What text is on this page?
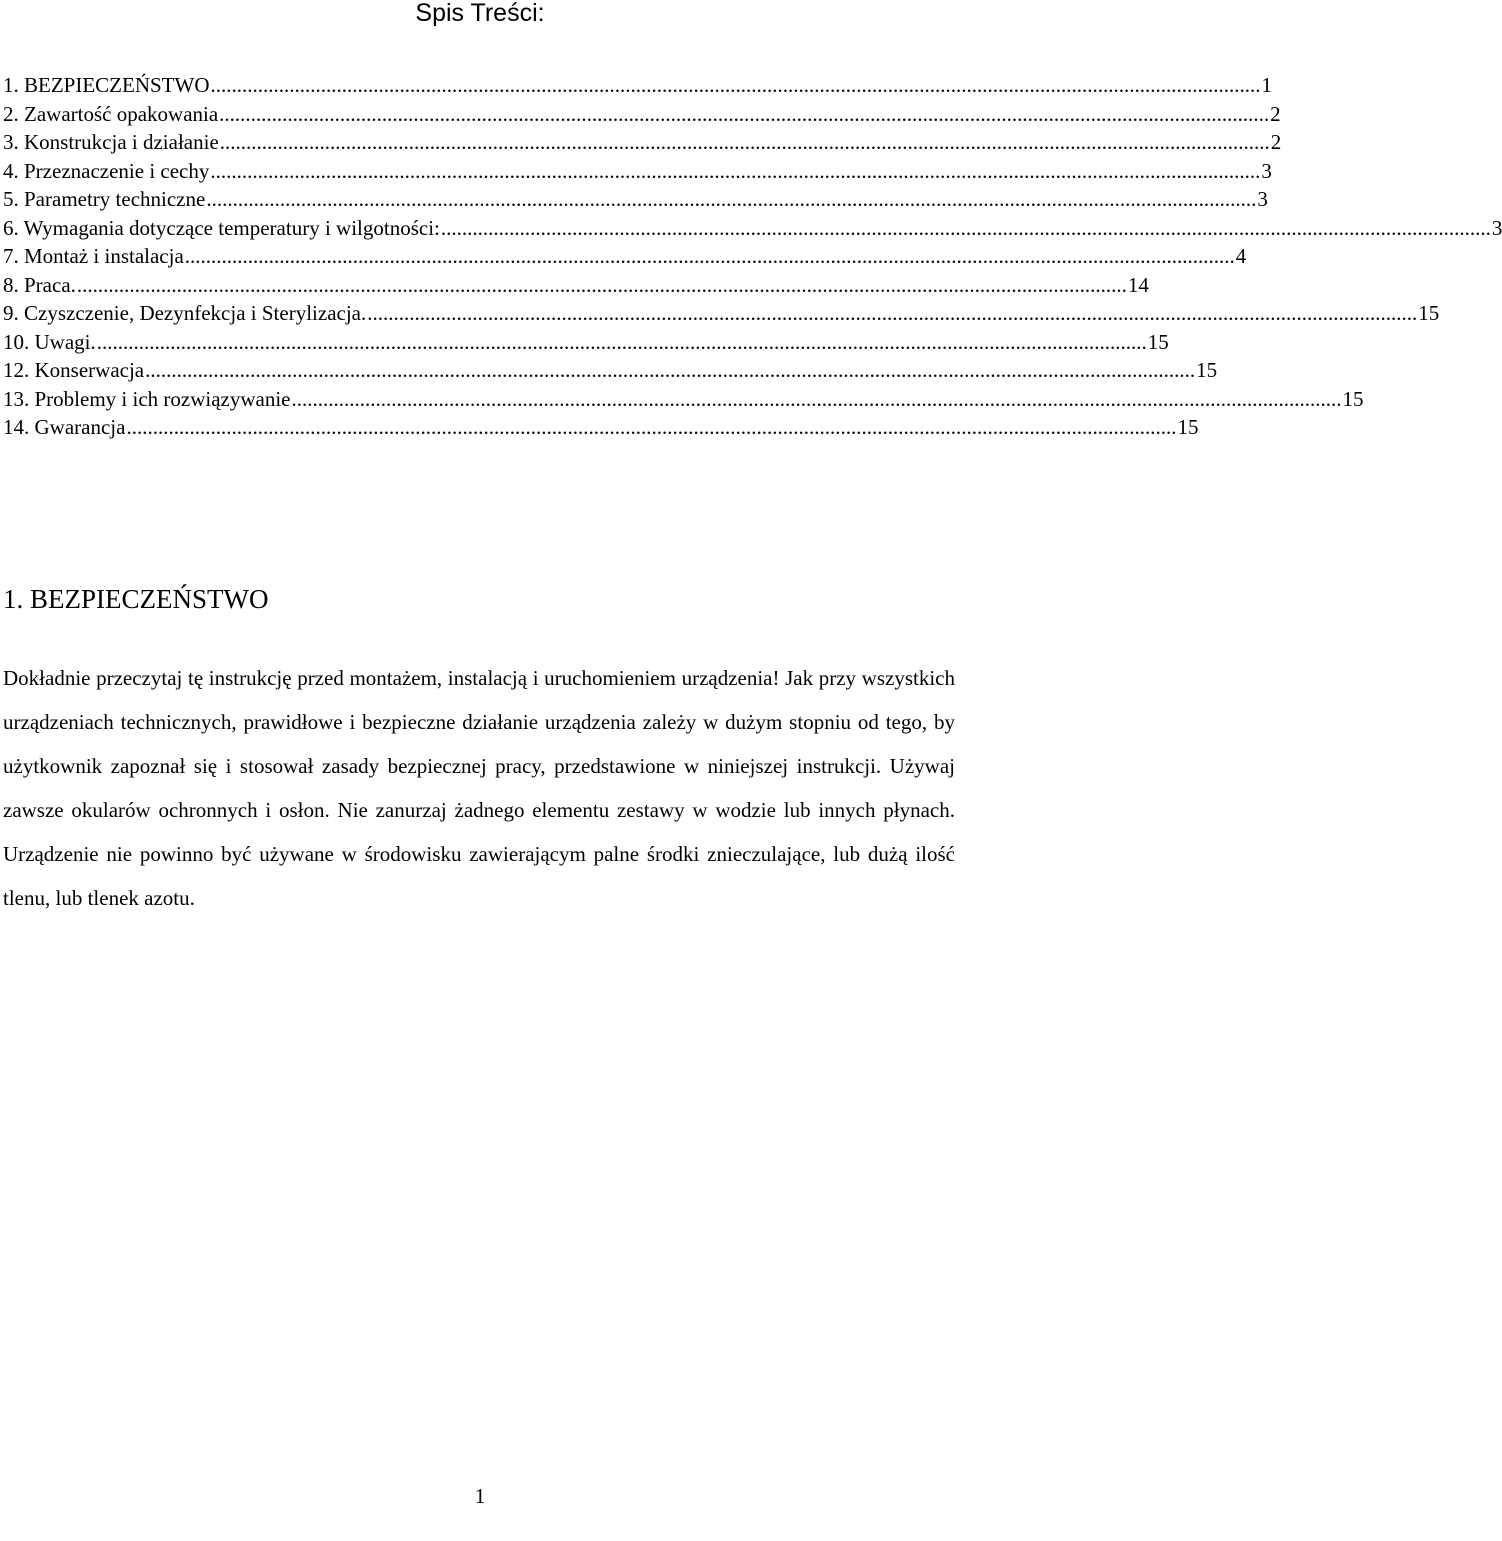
Spis Treści:
1. BEZPIECZEŃSTWO ........................................................................................................................................................................................................ 1
2. Zawartość opakowania ........................................................................................................................................................................................................ 2
3. Konstrukcja i działanie ........................................................................................................................................................................................................ 2
4. Przeznaczenie i cechy ........................................................................................................................................................................................................ 3
5. Parametry techniczne ........................................................................................................................................................................................................ 3
6. Wymagania dotyczące temperatury i wilgotności: ........................................................................................................................................................................................................ 3
7. Montaż i instalacja ........................................................................................................................................................................................................ 4
8. Praca. ........................................................................................................................................................................................................ 14
9. Czyszczenie, Dezynfekcja i Sterylizacja. ........................................................................................................................................................................................................ 15
10. Uwagi. ........................................................................................................................................................................................................ 15
12. Konserwacja ........................................................................................................................................................................................................ 15
13. Problemy i ich rozwiązywanie ........................................................................................................................................................................................................ 15
14. Gwarancja ........................................................................................................................................................................................................ 15
1. BEZPIECZEŃSTWO

Dokładnie przeczytaj tę instrukcję przed montażem, instalacją i uruchomieniem urządzenia! Jak przy wszystkich urządzeniach technicznych, prawidłowe i bezpieczne działanie urządzenia zależy w dużym stopniu od tego, by użytkownik zapoznał się i stosował zasady bezpiecznej pracy, przedstawione w niniejszej instrukcji. Używaj zawsze okularów ochronnych i osłon. Nie zanurzaj żadnego elementu zestawy w wodzie lub innych płynach. Urządzenie nie powinno być używane w środowisku zawierającym palne środki znieczulające, lub dużą ilość tlenu, lub tlenek azotu.

1
